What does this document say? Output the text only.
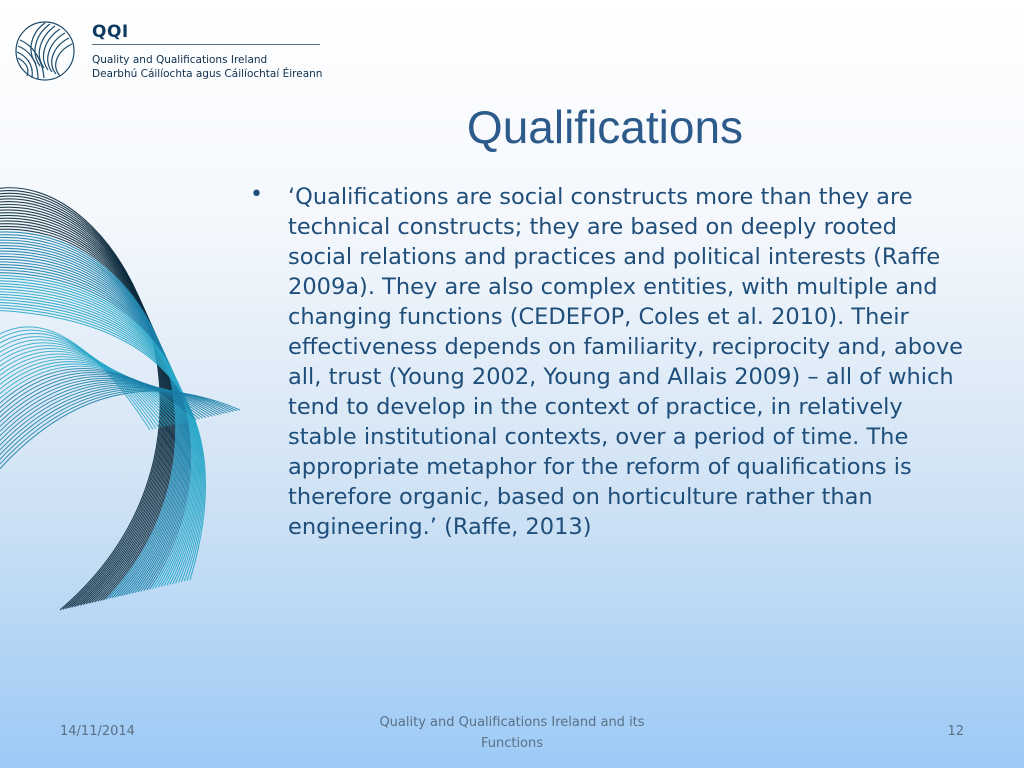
QQI
Quality and Qualifications Ireland
Dearbhú Cáilíochta agus Cáilíochtaí Éireann
Qualifications
• ‘Qualifications are social constructs more than they are technical constructs; they are based on deeply rooted social relations and practices and political interests (Raffe 2009a). They are also complex entities, with multiple and changing functions (CEDEFOP, Coles et al. 2010). Their effectiveness depends on familiarity, reciprocity and, above all, trust (Young 2002, Young and Allais 2009) – all of which tend to develop in the context of practice, in relatively stable institutional contexts, over a period of time. The appropriate metaphor for the reform of qualifications is therefore organic, based on horticulture rather than engineering.’ (Raffe, 2013)
14/11/2014
Quality and Qualifications Ireland and its Functions
12
